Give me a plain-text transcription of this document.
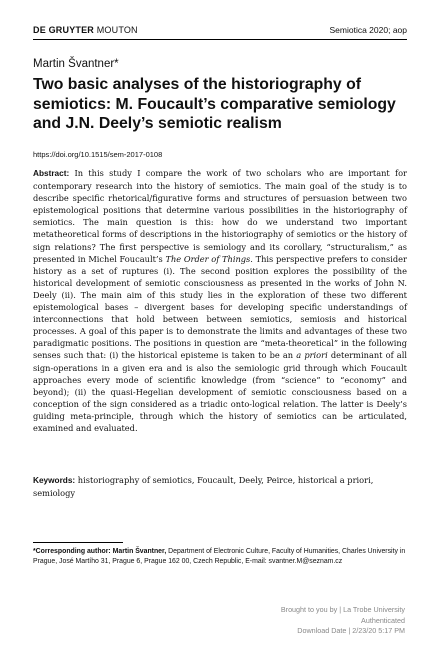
DE GRUYTER MOUTON	Semiotica 2020; aop
Martin Švantner*
Two basic analyses of the historiography of semiotics: M. Foucault’s comparative semiology and J.N. Deely’s semiotic realism
https://doi.org/10.1515/sem-2017-0108

Abstract: In this study I compare the work of two scholars who are important for contemporary research into the history of semiotics. The main goal of the study is to describe specific rhetorical/figurative forms and structures of persuasion between two epistemological positions that determine various possibilities in the historiography of semiotics. The main question is this: how do we understand two important metatheoretical forms of descriptions in the historiography of semiotics or the history of sign relations? The first perspective is semiology and its corollary, “structuralism,” as presented in Michel Foucault’s The Order of Things. This perspective prefers to consider history as a set of ruptures (i). The second position explores the possibility of the historical development of semiotic consciousness as presented in the works of John N. Deely (ii). The main aim of this study lies in the exploration of these two different epistemological bases – divergent bases for developing specific understandings of interconnections that hold between between semiotics, semiosis and historical processes. A goal of this paper is to demonstrate the limits and advantages of these two paradigmatic positions. The positions in question are “meta-theoretical” in the following senses such that: (i) the historical episteme is taken to be an a priori determinant of all sign-operations in a given era and is also the semiologic grid through which Foucault approaches every mode of scientific knowledge (from “science” to “economy” and beyond); (ii) the quasi-Hegelian development of semiotic consciousness based on a conception of the sign considered as a triadic onto-logical relation. The latter is Deely’s guiding meta-principle, through which the history of semiotics can be articulated, examined and evaluated.

Keywords: historiography of semiotics, Foucault, Deely, Peirce, historical a priori, semiology

*Corresponding author: Martin Švantner, Department of Electronic Culture, Faculty of Humanities, Charles University in Prague, José Martího 31, Prague 6, Prague 162 00, Czech Republic, E-mail: svantner.M@seznam.cz

Brought to you by | La Trobe University
Authenticated
Download Date | 2/23/20 5:17 PM
